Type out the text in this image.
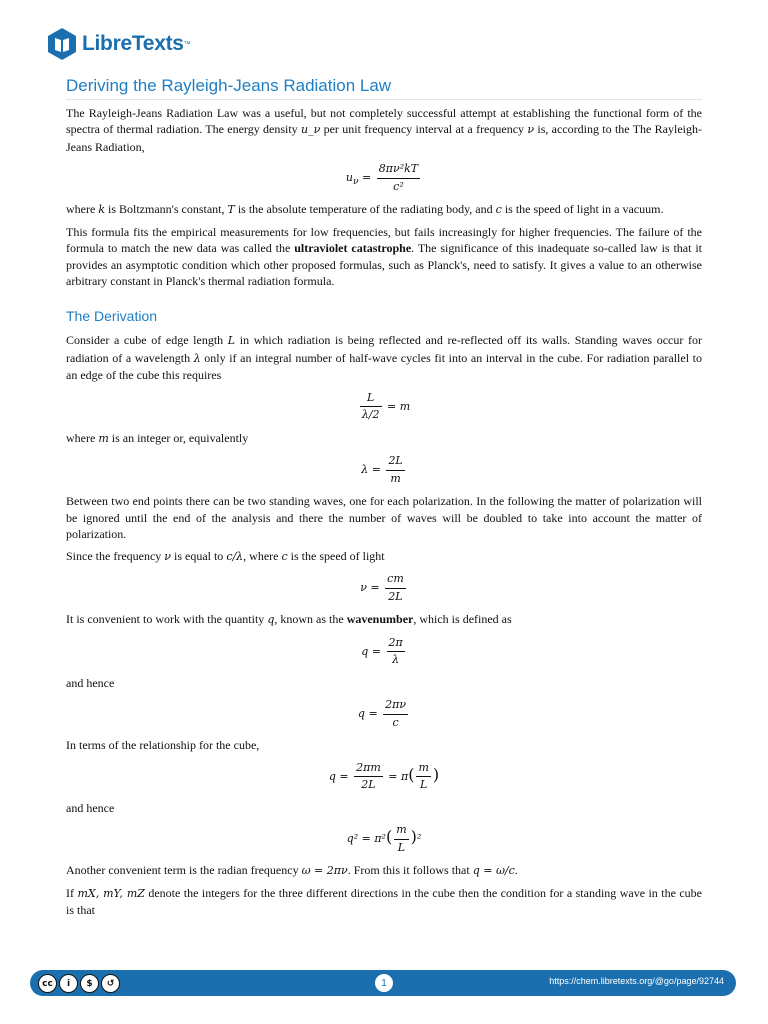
LibreTexts ™
Deriving the Rayleigh-Jeans Radiation Law

The Rayleigh-Jeans Radiation Law was a useful, but not completely successful attempt at establishing the functional form of the spectra of thermal radiation. The energy density u_ν per unit frequency interval at a frequency ν is, according to the The Rayleigh-Jeans Radiation,

$u_\nu = \frac{\text{8πν²kT}}{\text{c²}}$

where k is Boltzmann's constant, T is the absolute temperature of the radiating body, and c is the speed of light in a vacuum.

This formula fits the empirical measurements for low frequencies, but fails increasingly for higher frequencies. The failure of the formula to match the new data was called the ultraviolet catastrophe. The significance of this inadequate so-called law is that it provides an asymptotic condition which other proposed formulas, such as Planck's, need to satisfy. It gives a value to an otherwise arbitrary constant in Planck's thermal radiation formula.

The Derivation

Consider a cube of edge length L in which radiation is being reflected and re-reflected off its walls. Standing waves occur for radiation of a wavelength λ only if an integral number of half-wave cycles fit into an interval in the cube. For radiation parallel to an edge of the cube this requires

$\frac{L}{\lambda/2} = m$

where m is an integer or, equivalently

$\lambda = \frac{2L}{m}$

Between two end points there can be two standing waves, one for each polarization. In the following the matter of polarization will be ignored until the end of the analysis and there the number of waves will be doubled to take into account the matter of polarization.

Since the frequency ν is equal to c/λ, where c is the speed of light

$\nu = \frac{cm}{2L}$

It is convenient to work with the quantity q, known as the wavenumber, which is defined as

$q = \frac{2\pi}{\lambda}$

and hence

$q = \frac{2\pi\nu}{c}$

In terms of the relationship for the cube,

$q = \frac{2\pi m}{2L} = \pi( \frac{m}{L}$ )

and hence

$q^2 = \pi^2( \frac{m}{L} )^2$

Another convenient term is the radian frequency ω = 2πν. From this it follows that q = ω/c.

If mX, mY, mZ denote the integers for the three different directions in the cube then the condition for a standing wave in the cube is that

cc	i	$	↺	1	https://chem.libretexts.org/@go/page/92744
